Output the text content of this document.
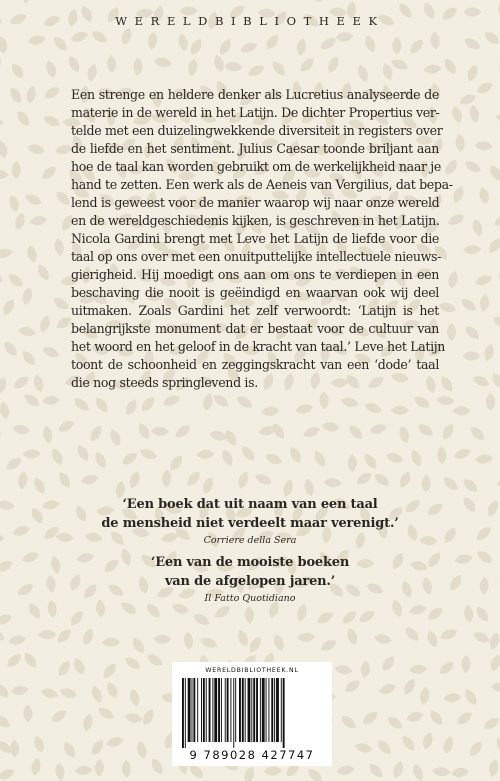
WERELDBIBLIOTHEEK
Een strenge en heldere denker als Lucretius analyseerde de
materie in de wereld in het Latijn. De dichter Propertius ver-
telde met een duizelingwekkende diversiteit in registers over
de liefde en het sentiment. Julius Caesar toonde briljant aan
hoe de taal kan worden gebruikt om de werkelijkheid naar je
hand te zetten. Een werk als de Aeneis van Vergilius, dat bepa-
lend is geweest voor de manier waarop wij naar onze wereld
en de wereldgeschiedenis kijken, is geschreven in het Latijn.
Nicola Gardini brengt met Leve het Latijn de liefde voor die
taal op ons over met een onuitputtelijke intellectuele nieuws-
gierigheid. Hij moedigt ons aan om ons te verdiepen in een
beschaving die nooit is geëindigd en waarvan ook wij deel
uitmaken. Zoals Gardini het zelf verwoordt: ‘Latijn is het
belangrijkste monument dat er bestaat voor de cultuur van
het woord en het geloof in de kracht van taal.’ Leve het Latijn
toont de schoonheid en zeggingskracht van een ‘dode’ taal
die nog steeds springlevend is.
‘Een boek dat uit naam van een taal
de mensheid niet verdeelt maar verenigt.’
Corriere della Sera
‘Een van de mooiste boeken
van de afgelopen jaren.’
Il Fatto Quotidiano
WERELDBIBLIOTHEEK.NL
9 789028 427747
